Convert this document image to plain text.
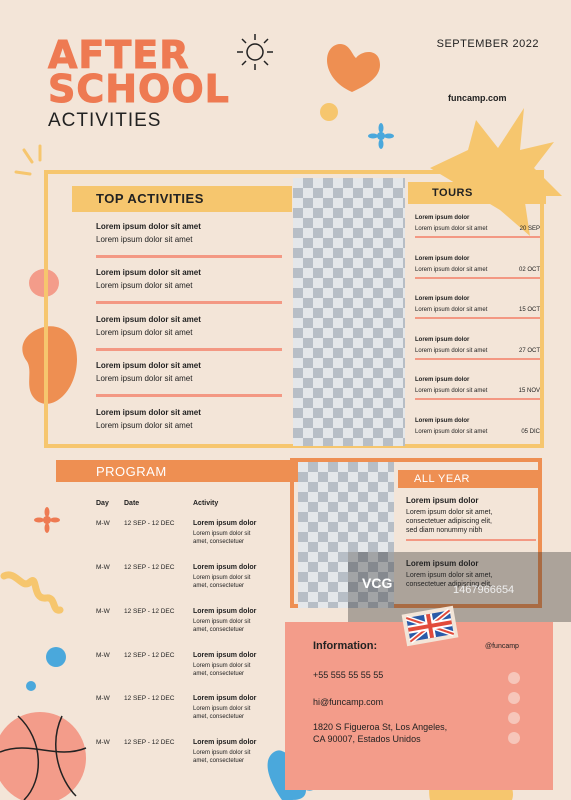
AFTER
SCHOOL
ACTIVITIES
SEPTEMBER 2022
funcamp.com
TOP ACTIVITIES
Lorem ipsum dolor sit amet
Lorem ipsum dolor sit amet
Lorem ipsum dolor sit amet
Lorem ipsum dolor sit amet
Lorem ipsum dolor sit amet
Lorem ipsum dolor sit amet
Lorem ipsum dolor sit amet
Lorem ipsum dolor sit amet
Lorem ipsum dolor sit amet
Lorem ipsum dolor sit amet
TOURS
Lorem ipsum dolor
Lorem ipsum dolor sit amet	20 SEP
Lorem ipsum dolor
Lorem ipsum dolor sit amet	02 OCT
Lorem ipsum dolor
Lorem ipsum dolor sit amet	15 OCT
Lorem ipsum dolor
Lorem ipsum dolor sit amet	27 OCT
Lorem ipsum dolor
Lorem ipsum dolor sit amet	15 NOV
Lorem ipsum dolor
Lorem ipsum dolor sit amet	05 DIC
PROGRAM
Day Date	Activity
M-W 12 SEP - 12 DEC	Lorem ipsum dolor
Lorem ipsum dolor sit
amet, consectetuer
M-W 12 SEP - 12 DEC	Lorem ipsum dolor
Lorem ipsum dolor sit
amet, consectetuer
M-W 12 SEP - 12 DEC	Lorem ipsum dolor
Lorem ipsum dolor sit
amet, consectetuer
M-W 12 SEP - 12 DEC	Lorem ipsum dolor
Lorem ipsum dolor sit
amet, consectetuer
M-W 12 SEP - 12 DEC	Lorem ipsum dolor
Lorem ipsum dolor sit
amet, consectetuer
M-W 12 SEP - 12 DEC	Lorem ipsum dolor
Lorem ipsum dolor sit
amet, consectetuer
ALL YEAR
Lorem ipsum dolor
Lorem ipsum dolor sit amet,
consectetuer adipiscing elit,
sed diam nonummy nibh
Lorem ipsum dolor
Lorem ipsum dolor sit amet,
consectetuer adipiscing elit,
VCG	1467966654
Information:	@funcamp
+55 555 55 55 55
hi@funcamp.com
1820 S Figueroa St, Los Angeles,
CA 90007, Estados Unidos
